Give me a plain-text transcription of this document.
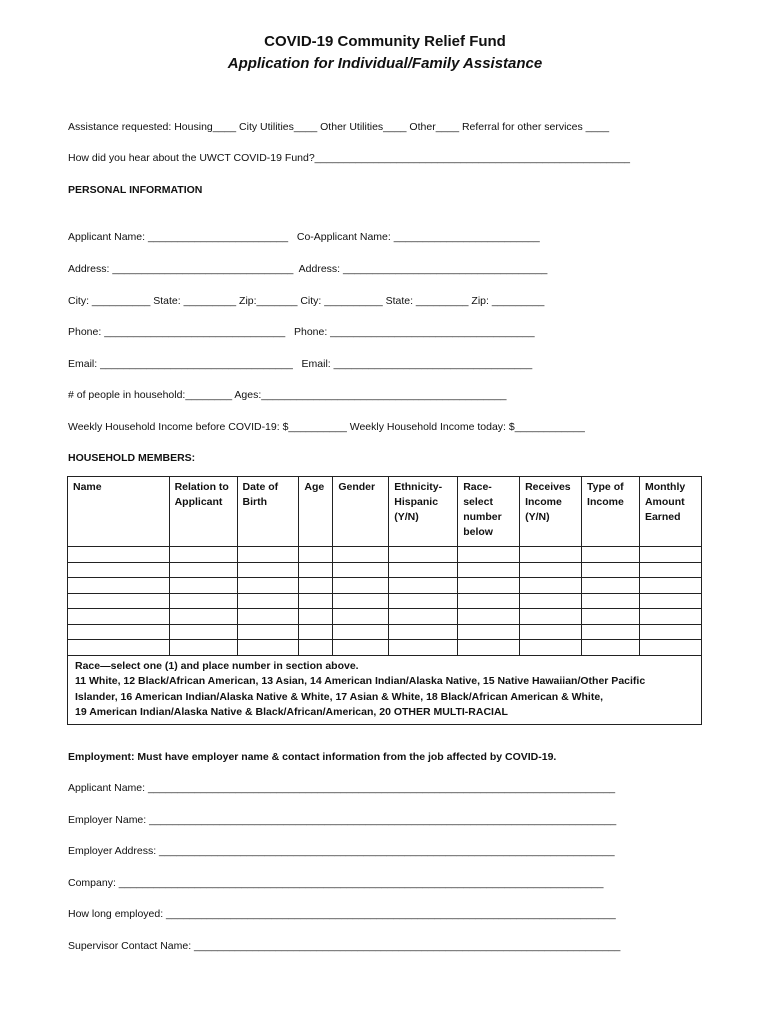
COVID-19 Community Relief Fund
Application for Individual/Family Assistance
Assistance requested: Housing____ City Utilities____ Other Utilities____ Other____ Referral for other services ____
How did you hear about the UWCT COVID-19 Fund?______________________________________________________
PERSONAL INFORMATION
Applicant Name: ________________________   Co-Applicant Name: _________________________
Address: _______________________________  Address: ___________________________________
City: __________ State: _________ Zip:_______ City: __________ State: _________ Zip: _________
Phone: _______________________________   Phone: ___________________________________
Email: _________________________________   Email: __________________________________
# of people in household:________ Ages:__________________________________________
Weekly Household Income before COVID-19: $__________ Weekly Household Income today: $____________
HOUSEHOLD MEMBERS:
Name	Relation to Applicant	Date of Birth	Age	Gender	Ethnicity-Hispanic (Y/N)	Race-select number below	Receives Income (Y/N)	Type of Income	Monthly Amount Earned

Race—select one (1) and place number in section above.
11 White, 12 Black/African American, 13 Asian, 14 American Indian/Alaska Native, 15 Native Hawaiian/Other Pacific
Islander, 16 American Indian/Alaska Native & White, 17 Asian & White, 18 Black/African American & White,
19 American Indian/Alaska Native & Black/African/American, 20 OTHER MULTI-RACIAL									
Employment: Must have employer name & contact information from the job affected by COVID-19.
Applicant Name: ________________________________________________________________________________
Employer Name: ________________________________________________________________________________
Employer Address: ______________________________________________________________________________
Company: ___________________________________________________________________________________
How long employed: _____________________________________________________________________________
Supervisor Contact Name: _________________________________________________________________________
